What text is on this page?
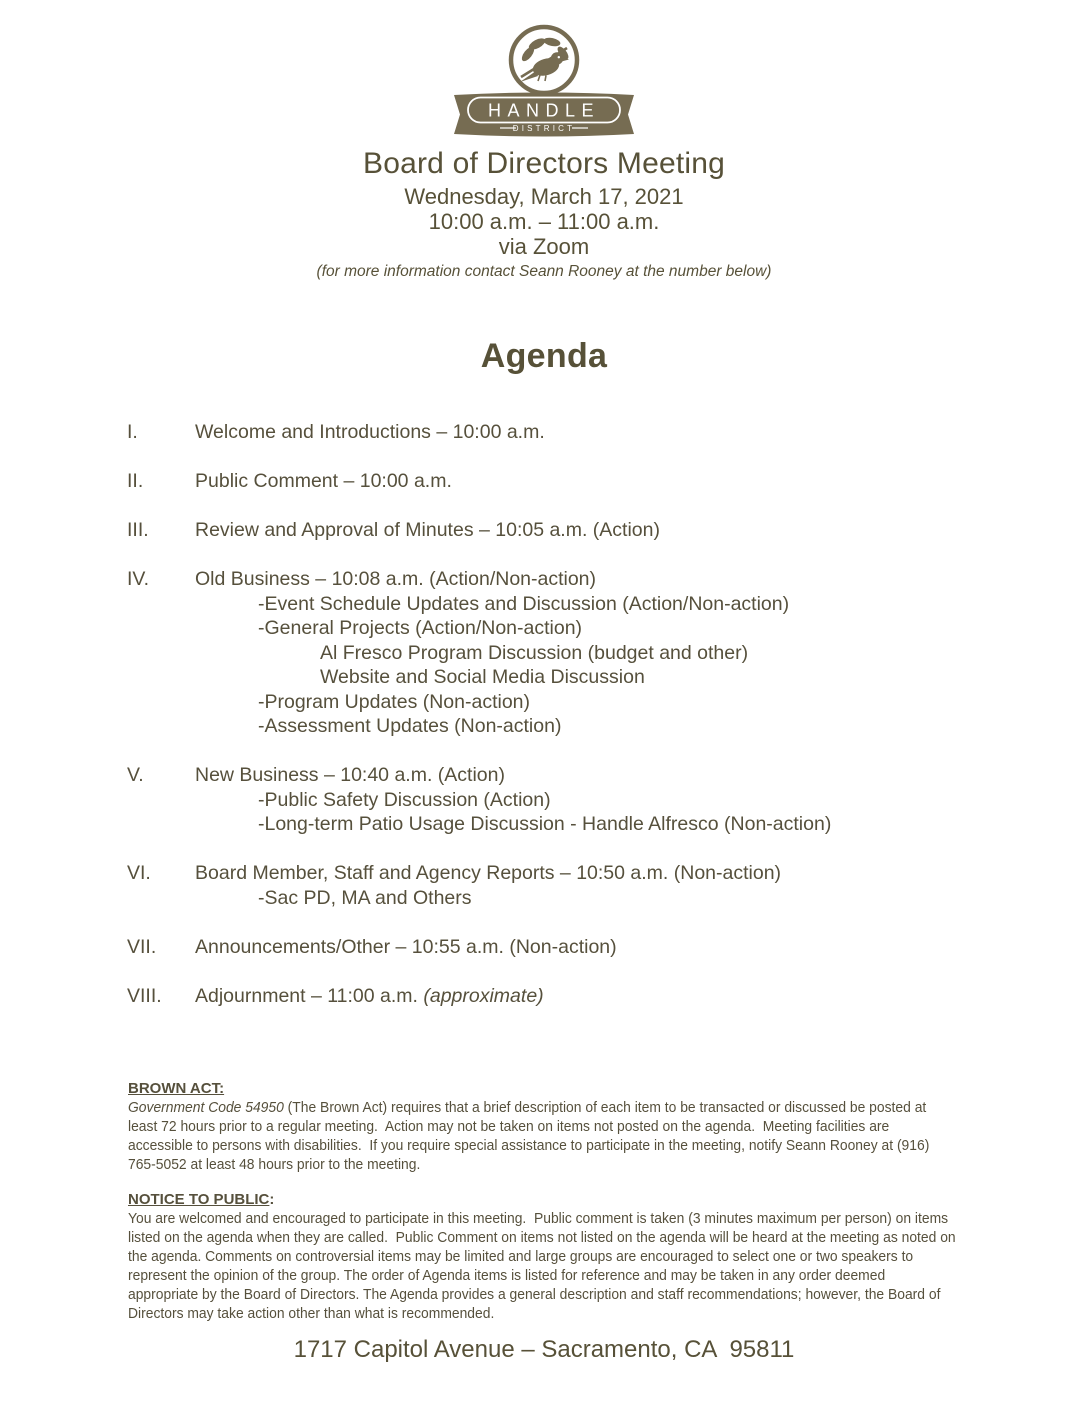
HANDLE
DISTRICT
Board of Directors Meeting
Wednesday, March 17, 2021
10:00 a.m. – 11:00 a.m.
via Zoom
(for more information contact Seann Rooney at the number below)
Agenda
I.	Welcome and Introductions – 10:00 a.m.
II.	Public Comment – 10:00 a.m.
III.	Review and Approval of Minutes – 10:05 a.m. (Action)
IV.	Old Business – 10:08 a.m. (Action/Non-action)
-Event Schedule Updates and Discussion (Action/Non-action)
-General Projects (Action/Non-action)
Al Fresco Program Discussion (budget and other)
Website and Social Media Discussion
-Program Updates (Non-action)
-Assessment Updates (Non-action)
V.	New Business – 10:40 a.m. (Action)
-Public Safety Discussion (Action)
-Long-term Patio Usage Discussion - Handle Alfresco (Non-action)
VI.	Board Member, Staff and Agency Reports – 10:50 a.m. (Non-action)
-Sac PD, MA and Others
VII.	Announcements/Other – 10:55 a.m. (Non-action)
VIII.	Adjournment – 11:00 a.m. (approximate)
BROWN ACT:

Government Code 54950 (The Brown Act) requires that a brief description of each item to be transacted or discussed be posted at least 72 hours prior to a regular meeting.  Action may not be taken on items not posted on the agenda.  Meeting facilities are accessible to persons with disabilities.  If you require special assistance to participate in the meeting, notify Seann Rooney at (916) 765-5052 at least 48 hours prior to the meeting.

NOTICE TO PUBLIC:

You are welcomed and encouraged to participate in this meeting.  Public comment is taken (3 minutes maximum per person) on items listed on the agenda when they are called.  Public Comment on items not listed on the agenda will be heard at the meeting as noted on the agenda. Comments on controversial items may be limited and large groups are encouraged to select one or two speakers to represent the opinion of the group. The order of Agenda items is listed for reference and may be taken in any order deemed appropriate by the Board of Directors. The Agenda provides a general description and staff recommendations; however, the Board of Directors may take action other than what is recommended.

1717 Capitol Avenue – Sacramento, CA  95811
